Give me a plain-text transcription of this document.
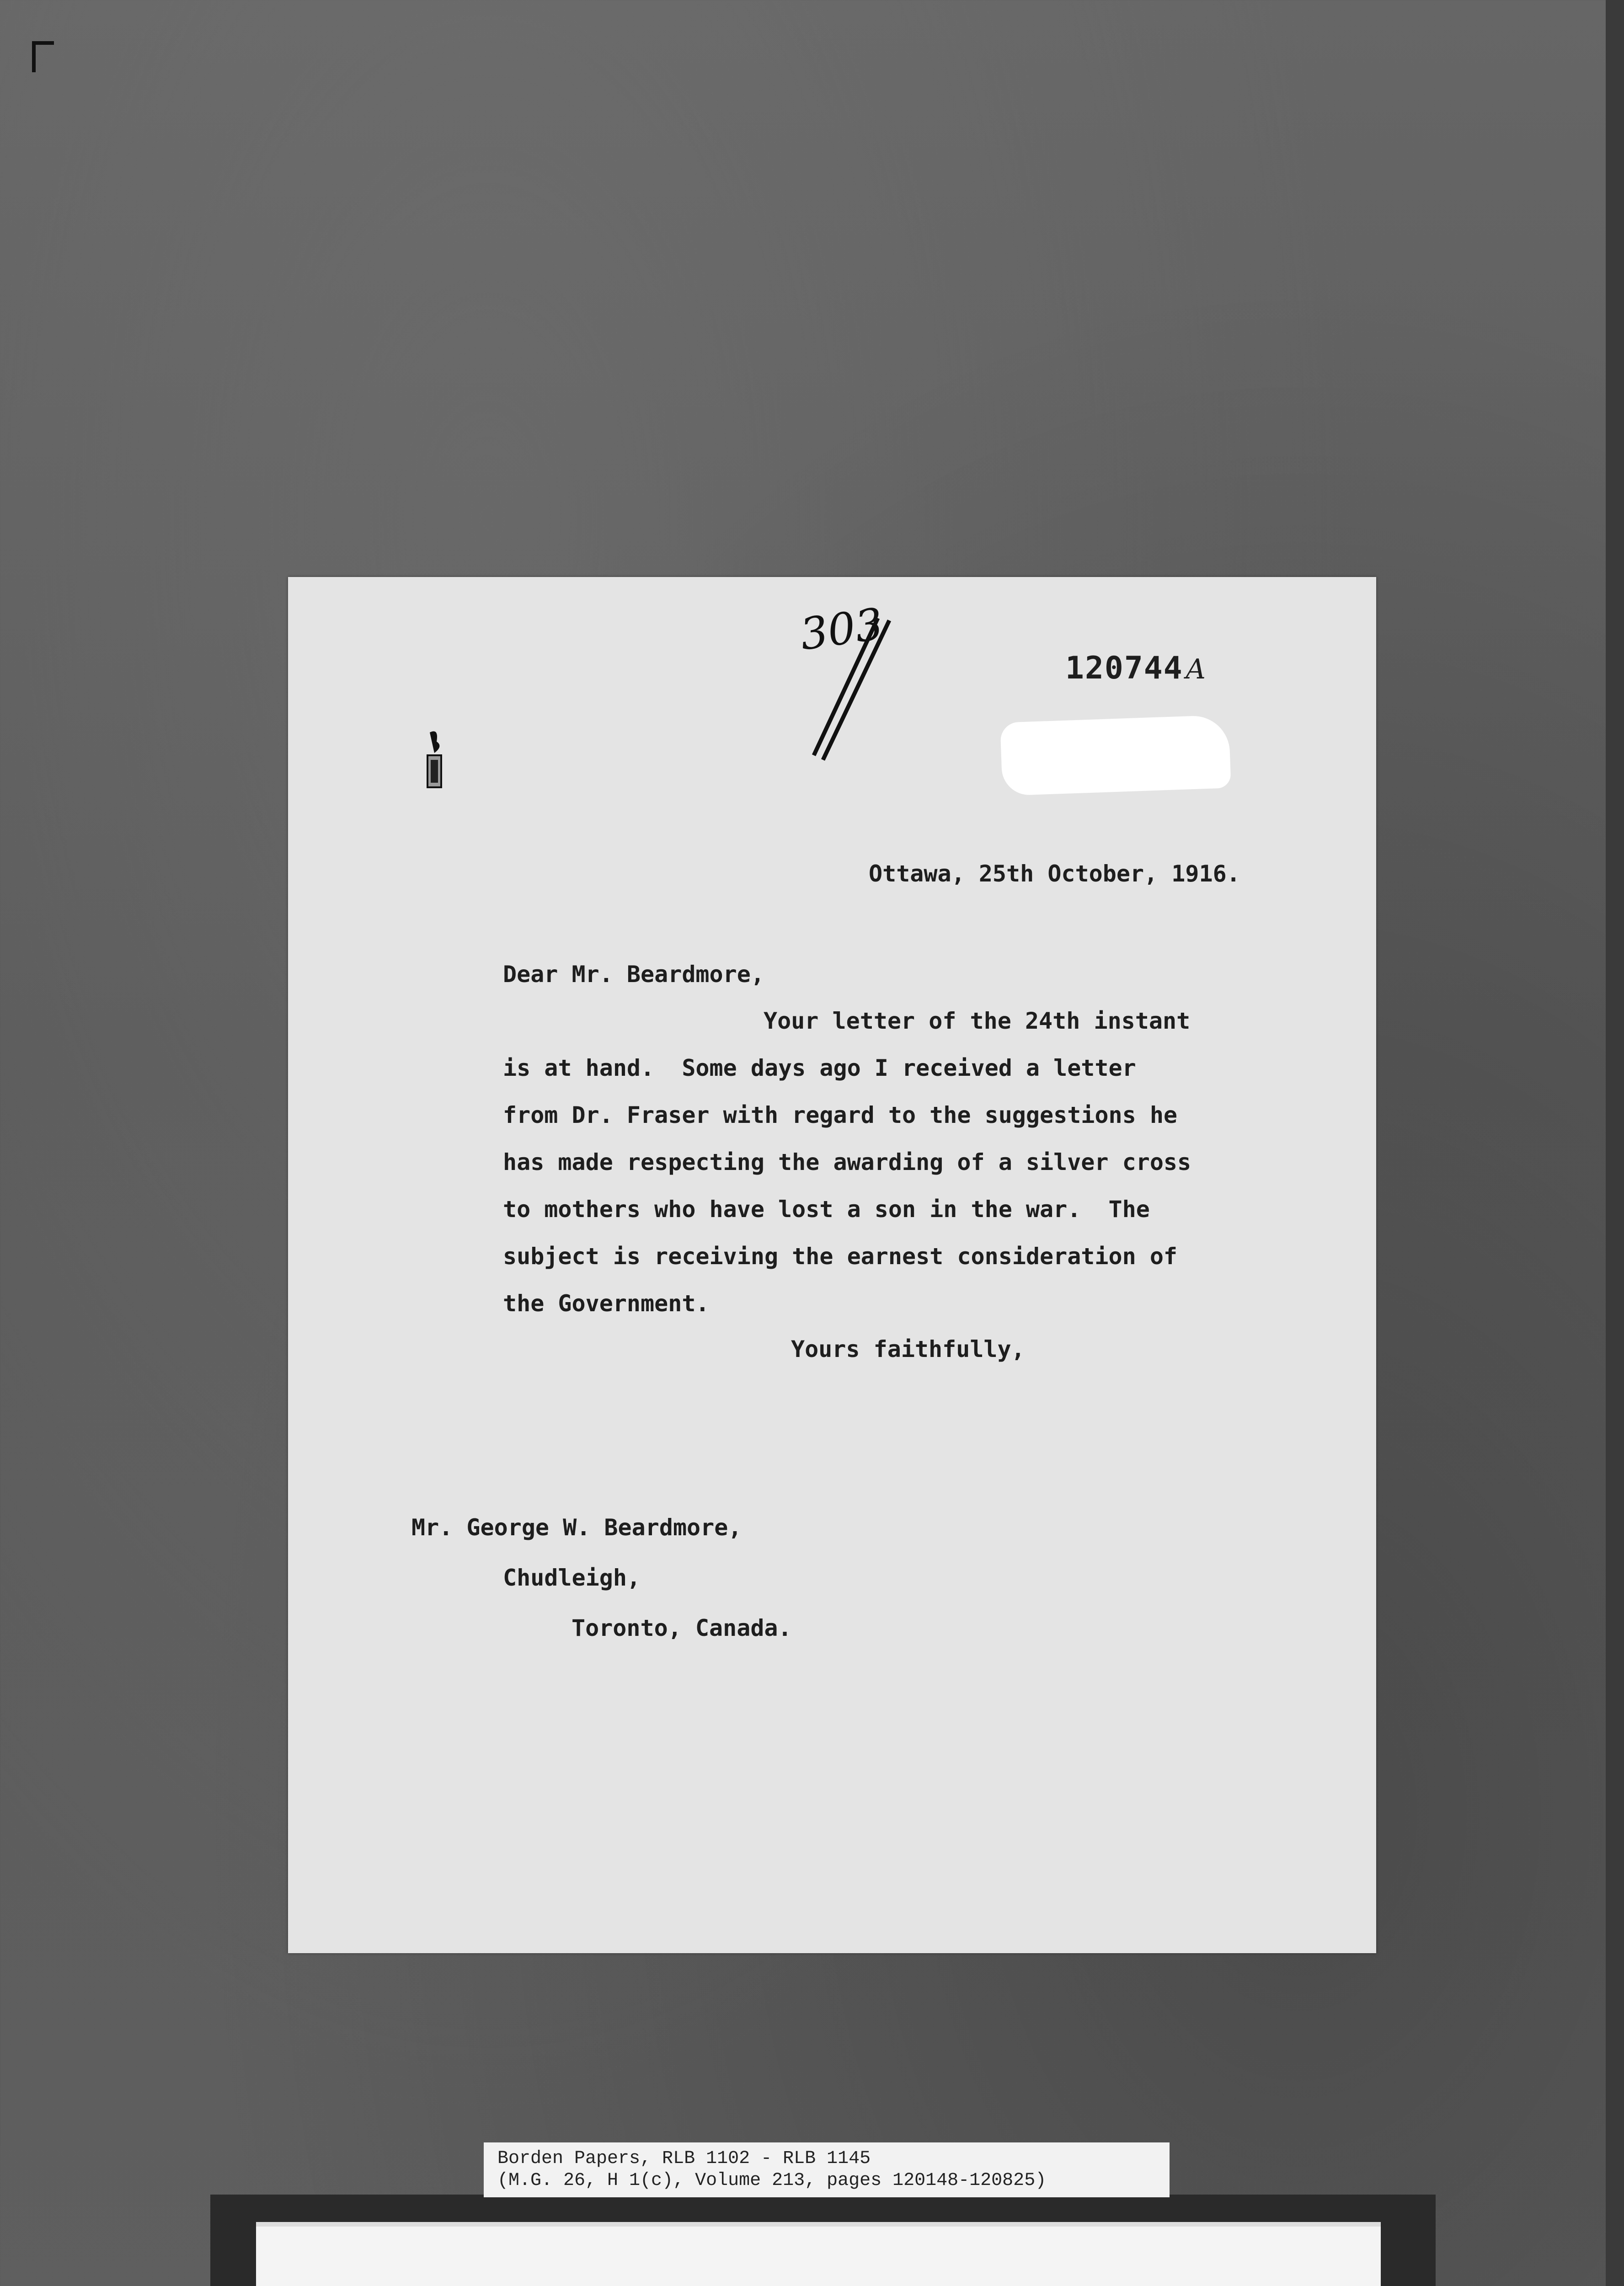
303
120744 A
Ottawa, 25th October, 1916.
Dear Mr. Beardmore,
Your letter of the 24th instant
is at hand.  Some days ago I received a letter
from Dr. Fraser with regard to the suggestions he
has made respecting the awarding of a silver cross
to mothers who have lost a son in the war.  The
subject is receiving the earnest consideration of
the Government.
Yours faithfully,
Mr. George W. Beardmore,
Chudleigh,
Toronto, Canada.
Borden Papers, RLB 1102 - RLB 1145
(M.G. 26, H 1(c), Volume 213, pages 120148-120825)
